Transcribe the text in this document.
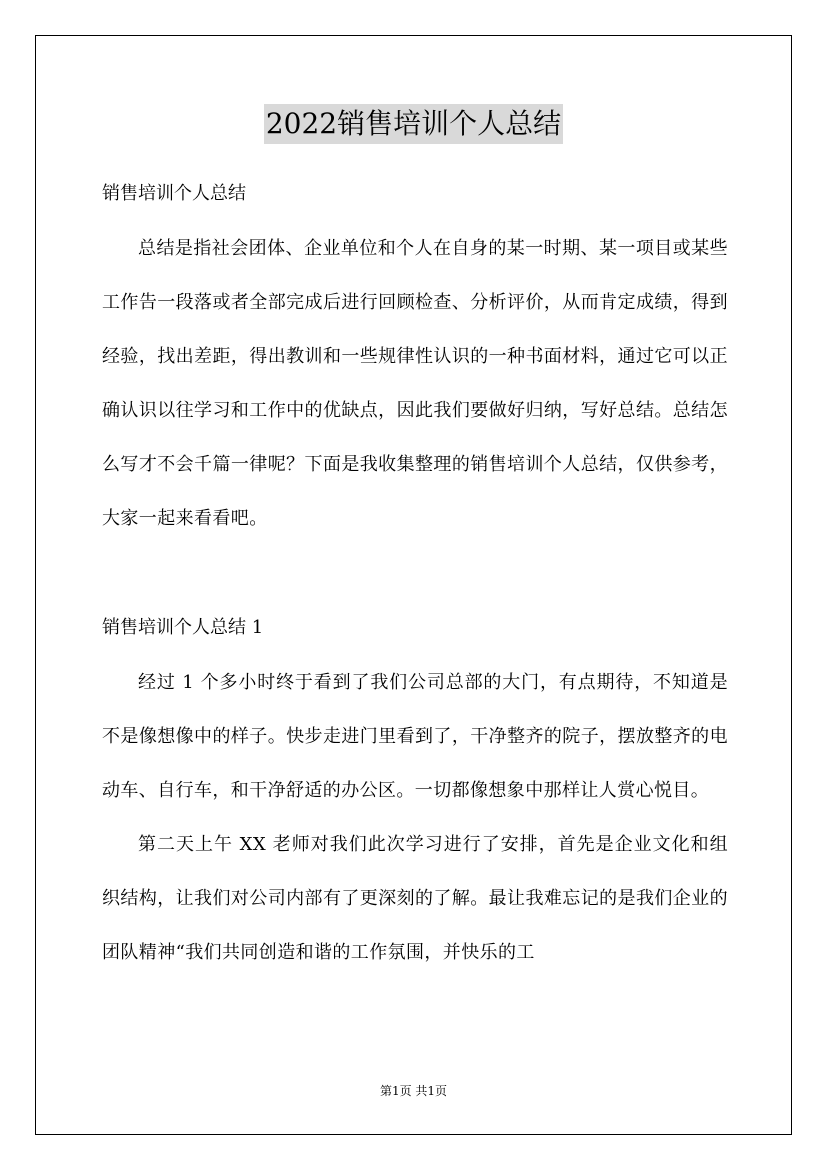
2022销售培训个人总结

销售培训个人总结

总结是指社会团体、企业单位和个人在自身的某一时期、某一项目或某些工作告一段落或者全部完成后进行回顾检查、分析评价，从而肯定成绩，得到经验，找出差距，得出教训和一些规律性认识的一种书面材料，通过它可以正确认识以往学习和工作中的优缺点，因此我们要做好归纳，写好总结。总结怎么写才不会千篇一律呢？下面是我收集整理的销售培训个人总结，仅供参考，大家一起来看看吧。

销售培训个人总结 1

经过 1 个多小时终于看到了我们公司总部的大门，有点期待，不知道是不是像想像中的样子。快步走进门里看到了，干净整齐的院子，摆放整齐的电动车、自行车，和干净舒适的办公区。一切都像想象中那样让人赏心悦目。

第二天上午 XX 老师对我们此次学习进行了安排，首先是企业文化和组织结构，让我们对公司内部有了更深刻的了解。最让我难忘记的是我们企业的团队精神“我们共同创造和谐的工作氛围，并快乐的工

第1页 共1页
